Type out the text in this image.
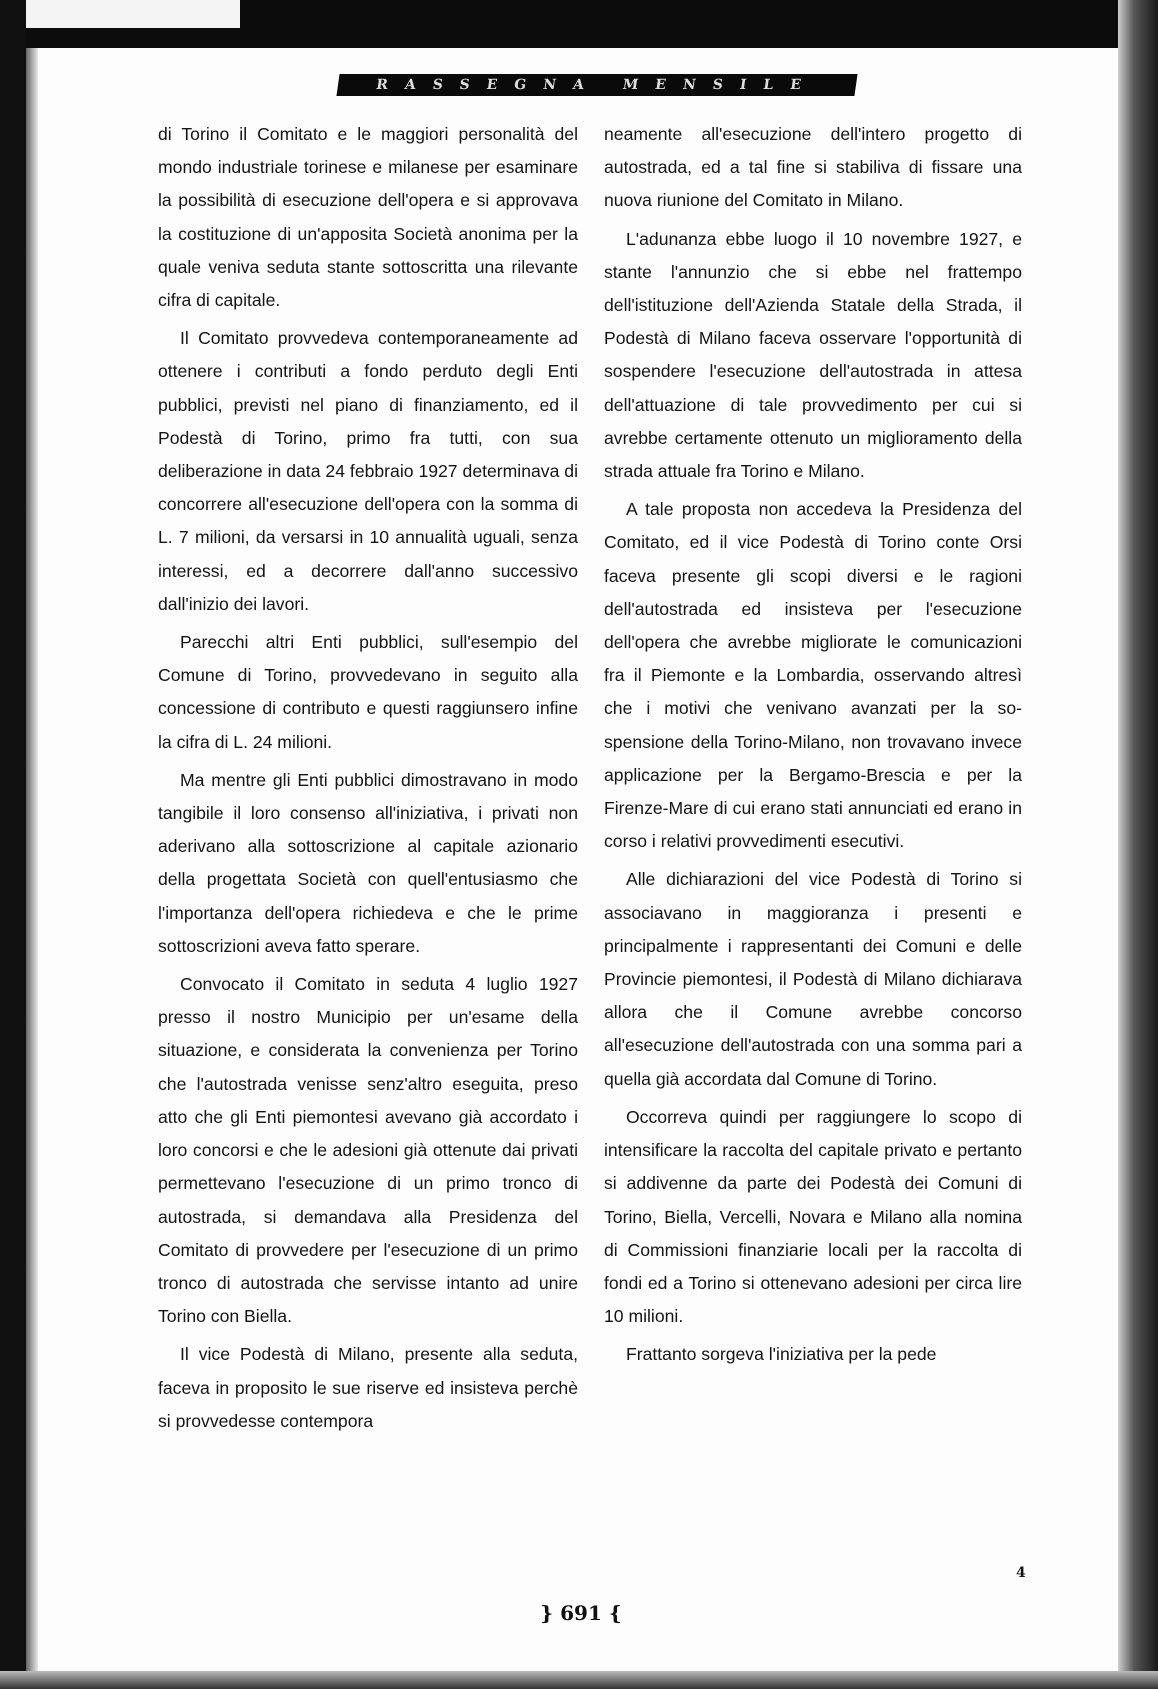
RASSEGNA MENSILE

di Torino il Comitato e le maggiori personalità del mondo industriale torinese e milanese per esaminare la possibilità di esecuzione dell'opera e si approvava la costituzione di un'apposita Società anonima per la quale veniva seduta stante sottoscritta una rilevante cifra di capitale.

Il Comitato provvedeva contemporaneamente ad ottenere i contributi a fondo perduto degli Enti pubblici, previsti nel piano di finanziamento, ed il Podestà di Torino, primo fra tutti, con sua deliberazione in data 24 febbraio 1927 determinava di concorrere all'esecuzione dell'opera con la somma di L. 7 milioni, da versarsi in 10 annualità uguali, senza interessi, ed a decorrere dall'anno successivo dall'inizio dei lavori.

Parecchi altri Enti pubblici, sull'esempio del Comune di Torino, provvedevano in seguito alla concessione di contributo e questi raggiunsero infine la cifra di L. 24 milioni.

Ma mentre gli Enti pubblici dimostravano in modo tangibile il loro consenso all'iniziativa, i privati non aderivano alla sottoscrizione al capitale azionario della progettata Società con quell'entusiasmo che l'importanza dell'opera richiedeva e che le prime sottoscrizioni aveva fatto sperare.

Convocato il Comitato in seduta 4 luglio 1927 presso il nostro Municipio per un'esame della situazione, e considerata la convenienza per Torino che l'autostrada venisse senz'altro eseguita, preso atto che gli Enti piemontesi avevano già accordato i loro concorsi e che le adesioni già ottenute dai privati permettevano l'esecuzione di un primo tronco di autostrada, si demandava alla Presidenza del Comitato di provvedere per l'esecuzione di un primo tronco di autostrada che servisse intanto ad unire Torino con Biella.

Il vice Podestà di Milano, presente alla seduta, faceva in proposito le sue riserve ed insisteva perchè si provvedesse contempora

neamente all'esecuzione dell'intero progetto di autostrada, ed a tal fine si stabiliva di fissare una nuova riunione del Comitato in Milano.

L'adunanza ebbe luogo il 10 novembre 1927, e stante l'annunzio che si ebbe nel frattempo dell'istituzione dell'Azienda Statale della Strada, il Podestà di Milano faceva osservare l'opportunità di sospendere l'esecuzione dell'autostrada in attesa dell'attuazione di tale provvedimento per cui si avrebbe certamente ottenuto un miglioramento della strada attuale fra Torino e Milano.

A tale proposta non accedeva la Presidenza del Comitato, ed il vice Podestà di Torino conte Orsi faceva presente gli scopi diversi e le ragioni dell'autostrada ed insisteva per l'esecuzione dell'opera che avrebbe migliorate le comunicazioni fra il Piemonte e la Lombardia, osservando altresì che i motivi che venivano avanzati per la sospensione della Torino-Milano, non trovavano invece applicazione per la Bergamo-Brescia e per la Firenze-Mare di cui erano stati annunciati ed erano in corso i relativi provvedimenti esecutivi.

Alle dichiarazioni del vice Podestà di Torino si associavano in maggioranza i presenti e principalmente i rappresentanti dei Comuni e delle Provincie piemontesi, il Podestà di Milano dichiarava allora che il Comune avrebbe concorso all'esecuzione dell'autostrada con una somma pari a quella già accordata dal Comune di Torino.

Occorreva quindi per raggiungere lo scopo di intensificare la raccolta del capitale privato e pertanto si addivenne da parte dei Podestà dei Comuni di Torino, Biella, Vercelli, Novara e Milano alla nomina di Commissioni finanziarie locali per la raccolta di fondi ed a Torino si ottenevano adesioni per circa lire 10 milioni.

Frattanto sorgeva l'iniziativa per la pede

} 691 {
4
